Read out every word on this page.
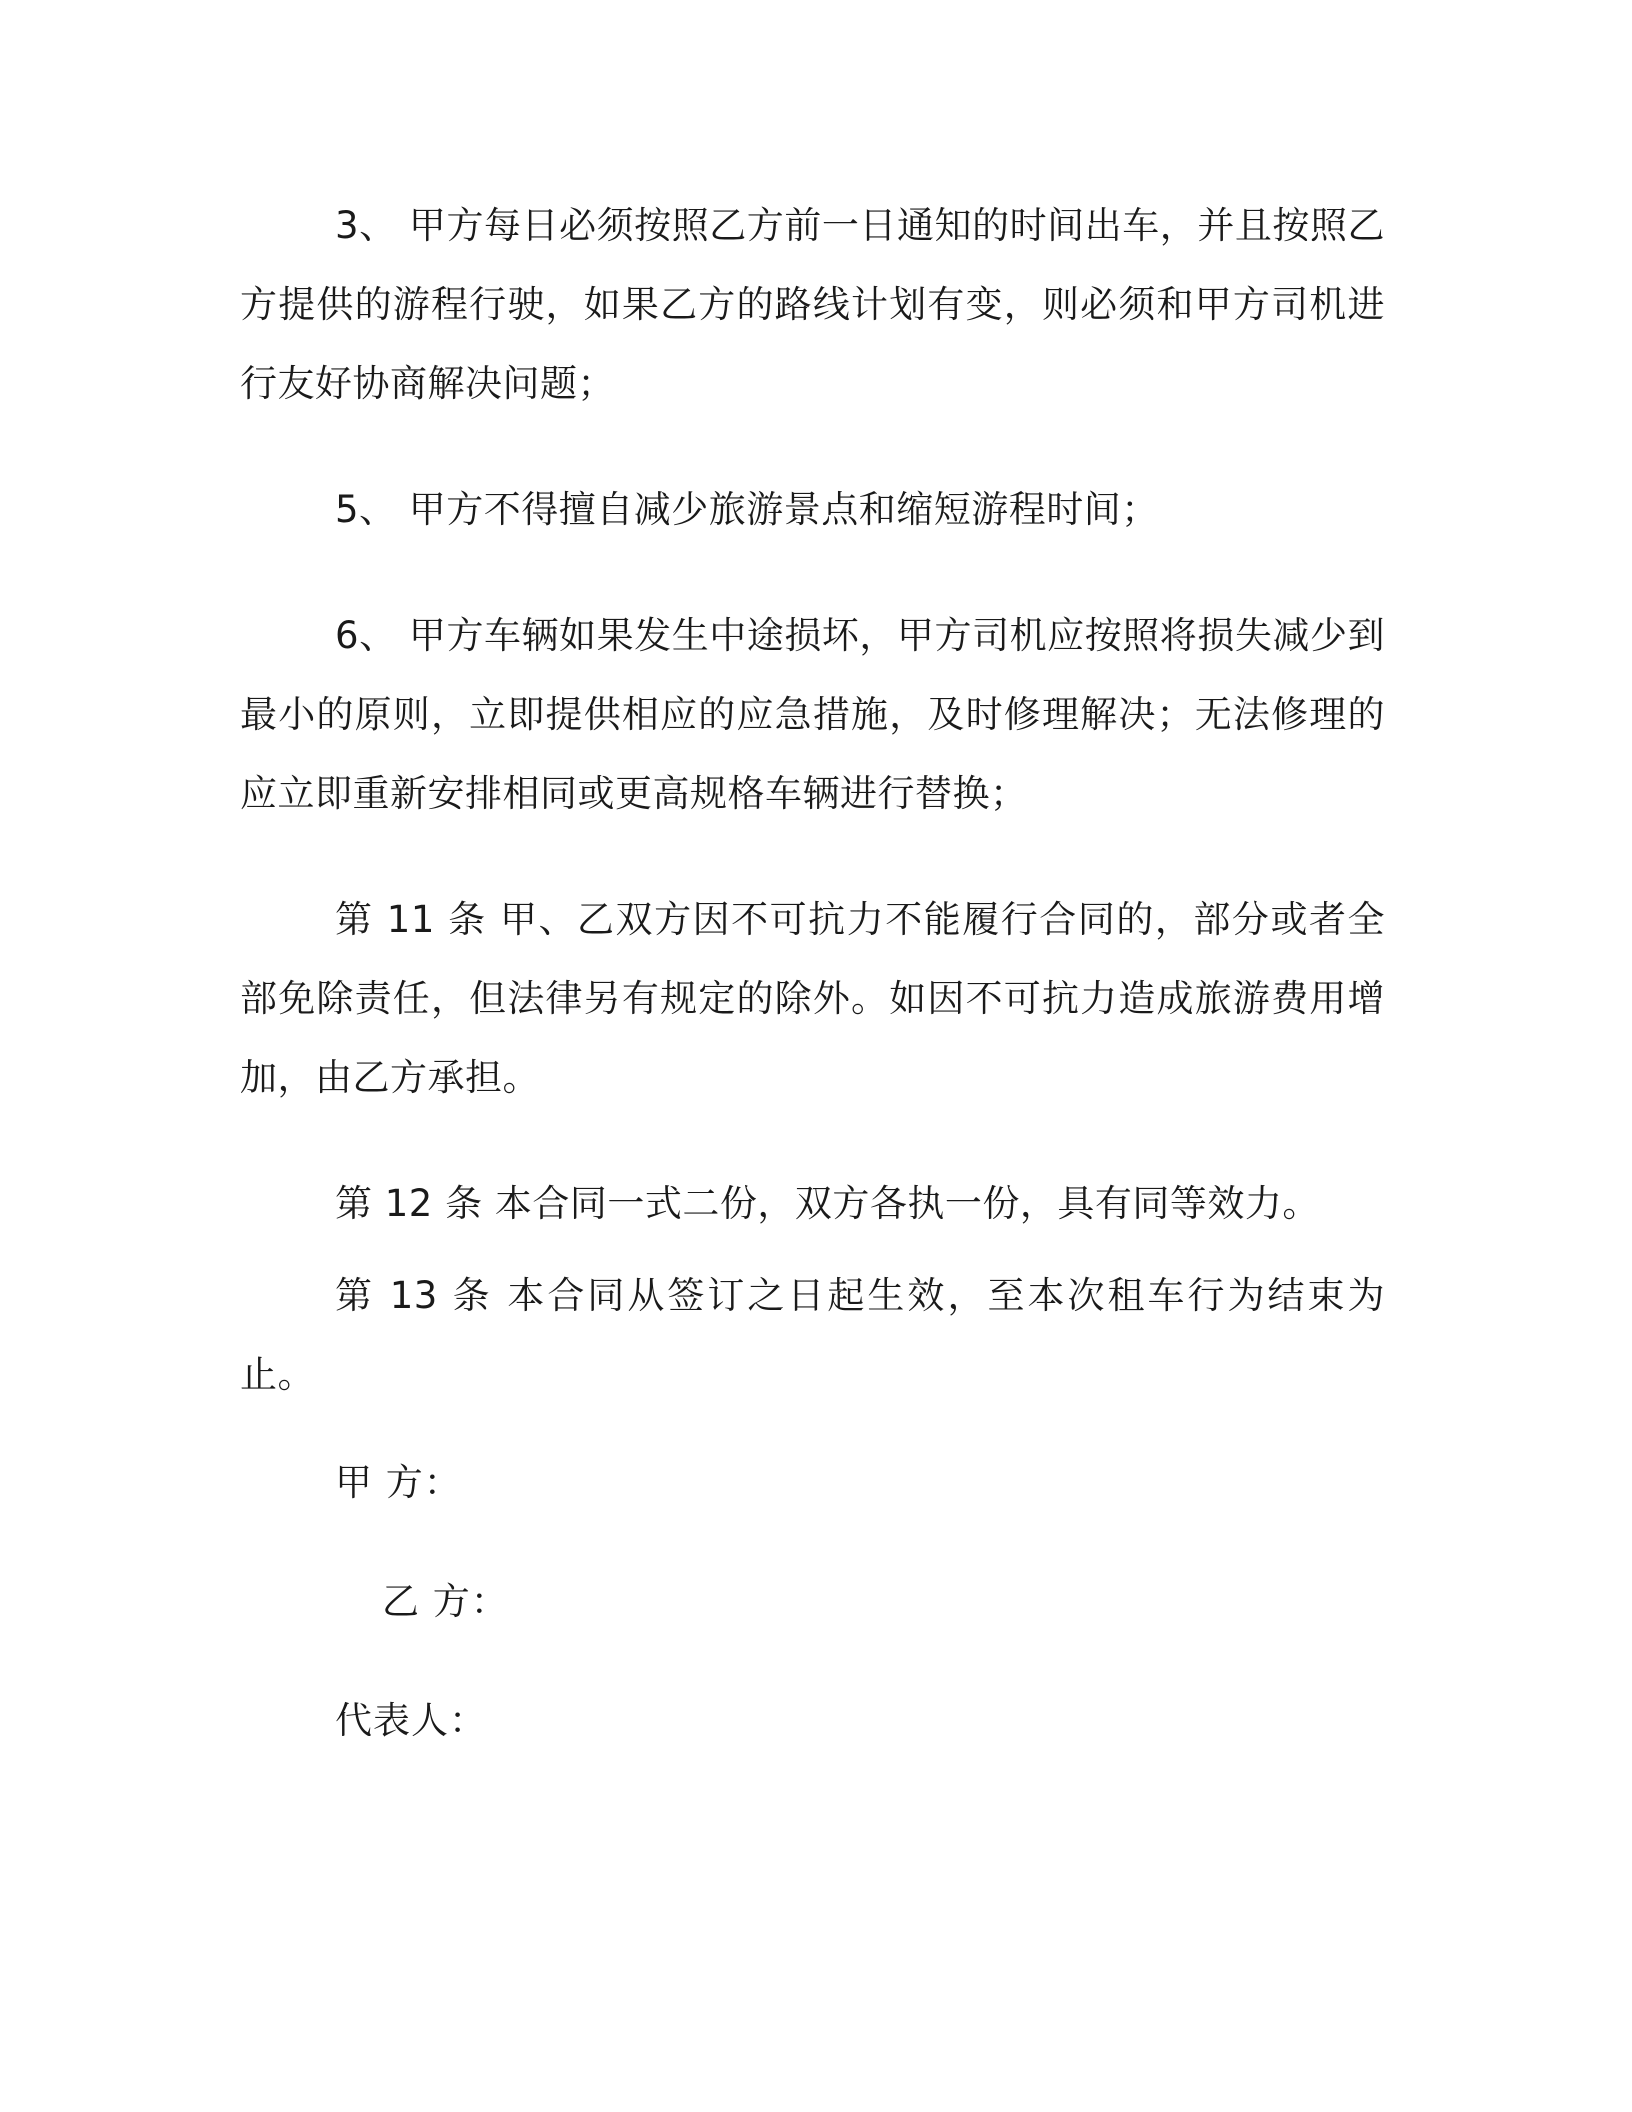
3、 甲方每日必须按照乙方前一日通知的时间出车，并且按照乙方提供的游程行驶，如果乙方的路线计划有变，则必须和甲方司机进行友好协商解决问题；

5、 甲方不得擅自减少旅游景点和缩短游程时间；

6、 甲方车辆如果发生中途损坏，甲方司机应按照将损失减少到最小的原则，立即提供相应的应急措施，及时修理解决；无法修理的应立即重新安排相同或更高规格车辆进行替换；

第 11 条 甲、乙双方因不可抗力不能履行合同的，部分或者全部免除责任，但法律另有规定的除外。如因不可抗力造成旅游费用增加，由乙方承担。

第 12 条 本合同一式二份，双方各执一份，具有同等效力。

第 13 条 本合同从签订之日起生效，至本次租车行为结束为止。

甲 方：

乙 方：

代表人：
